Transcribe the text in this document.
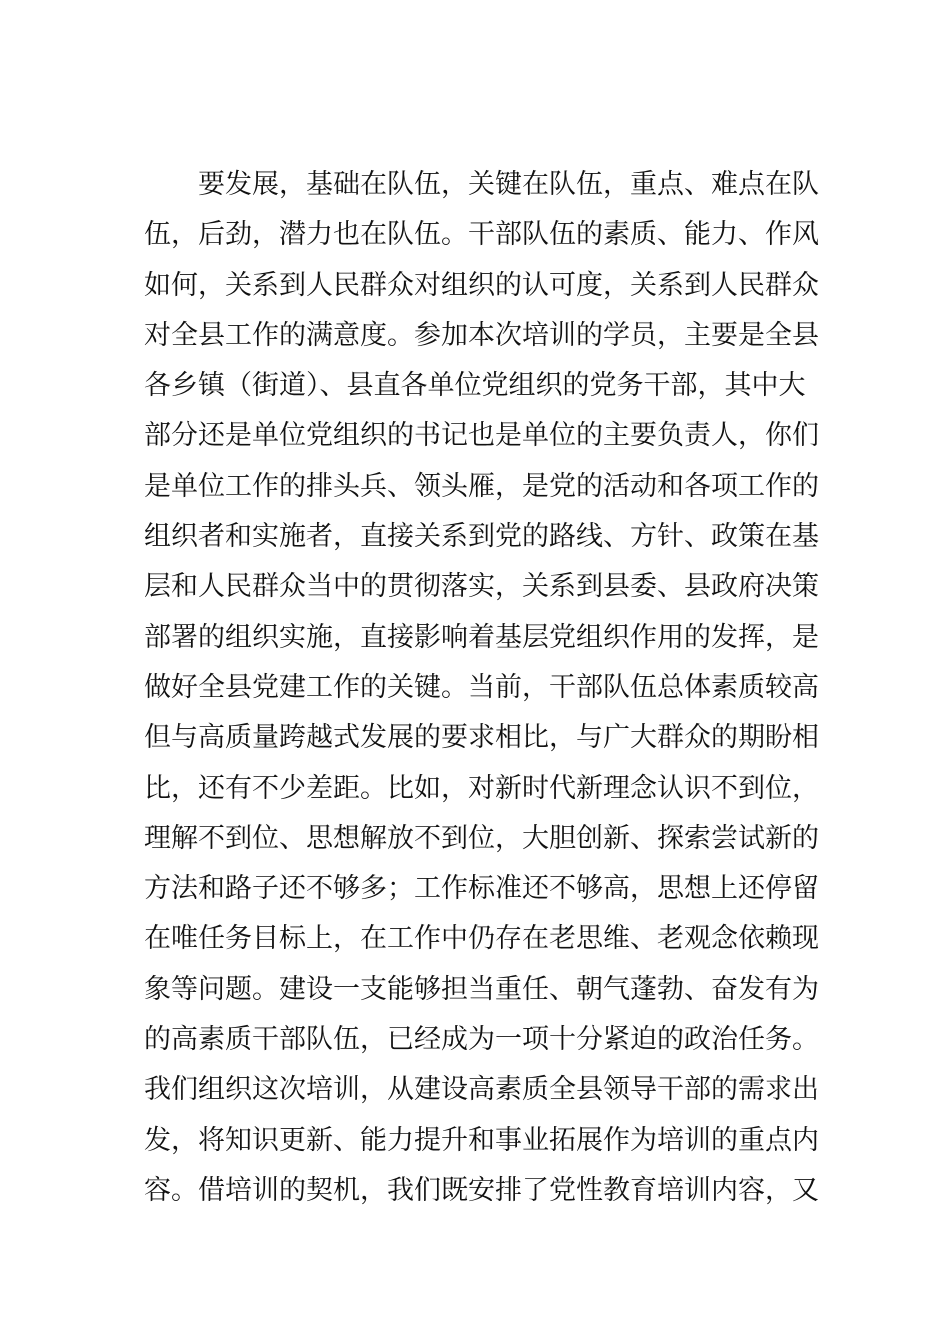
要发展，基础在队伍，关键在队伍，重点、难点在队
伍，后劲，潜力也在队伍。干部队伍的素质、能力、作风
如何，关系到人民群众对组织的认可度，关系到人民群众
对全县工作的满意度。参加本次培训的学员，主要是全县
各乡镇（街道）、县直各单位党组织的党务干部，其中大
部分还是单位党组织的书记也是单位的主要负责人，你们
是单位工作的排头兵、领头雁，是党的活动和各项工作的
组织者和实施者，直接关系到党的路线、方针、政策在基
层和人民群众当中的贯彻落实，关系到县委、县政府决策
部署的组织实施，直接影响着基层党组织作用的发挥，是
做好全县党建工作的关键。当前，干部队伍总体素质较高
但与高质量跨越式发展的要求相比，与广大群众的期盼相
比，还有不少差距。比如，对新时代新理念认识不到位，
理解不到位、思想解放不到位，大胆创新、探索尝试新的
方法和路子还不够多；工作标准还不够高，思想上还停留
在唯任务目标上，在工作中仍存在老思维、老观念依赖现
象等问题。建设一支能够担当重任、朝气蓬勃、奋发有为
的高素质干部队伍，已经成为一项十分紧迫的政治任务。
我们组织这次培训，从建设高素质全县领导干部的需求出
发，将知识更新、能力提升和事业拓展作为培训的重点内
容。借培训的契机，我们既安排了党性教育培训内容，又
